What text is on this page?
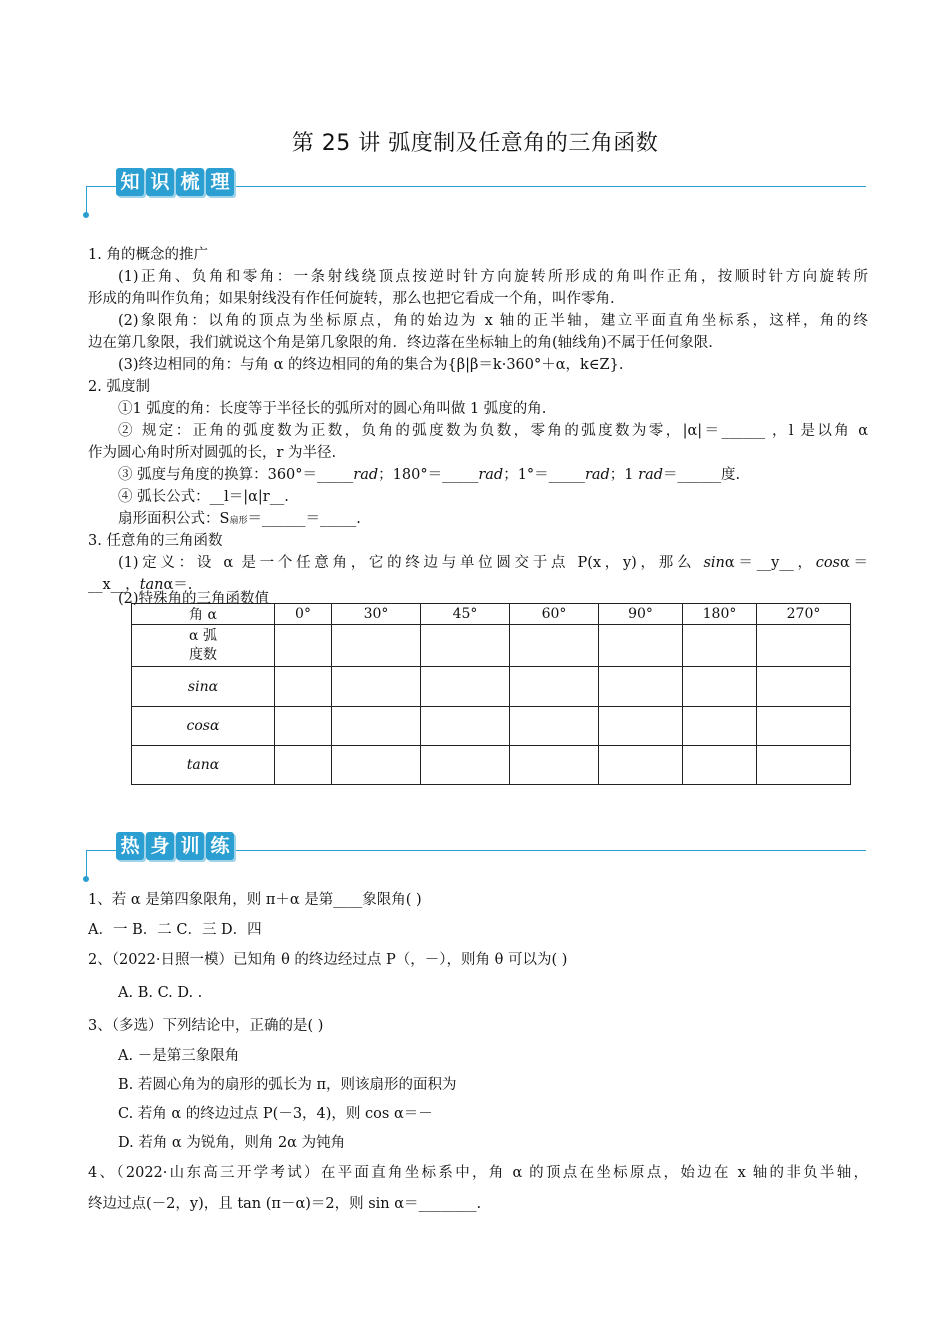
第 25 讲 弧度制及任意角的三角函数
知 识 梳 理
1. 角的概念的推广
(1)正角、负角和零角：一条射线绕顶点按逆时针方向旋转所形成的角叫作正角，按顺时针方向旋转所
形成的角叫作负角；如果射线没有作任何旋转，那么也把它看成一个角，叫作零角.
(2)象限角：以角的顶点为坐标原点，角的始边为 x 轴的正半轴，建立平面直角坐标系，这样，角的终
边在第几象限，我们就说这个角是第几象限的角．终边落在坐标轴上的角(轴线角)不属于任何象限.
(3)终边相同的角：与角 α 的终边相同的角的集合为{β|β＝k·360°＋α，k∈Z}.
2. 弧度制
①1 弧度的角：长度等于半径长的弧所对的圆心角叫做 1 弧度的角.
② 规定：正角的弧度数为正数，负角的弧度数为负数，零角的弧度数为零，|α|＝______ ，l 是以角 α
作为圆心角时所对圆弧的长，r 为半径.
③ 弧度与角度的换算：360°＝_____rad；180°＝_____rad；1°＝_____rad；1 rad＝______度.
④ 弧长公式：__l＝|α|r__.
扇形面积公式：S扇形＝______＝_____.
3. 任意角的三角函数
(1)定义：设 α 是一个任意角，它的终边与单位圆交于点 P(x，y)，那么 sinα＝__y__，cosα＝
__x__，tanα＝.
(2)特殊角的三角函数值
角 α	0°	30°	45°	60°	90°	180°	270°
α 弧
度数							
sinα							
cosα							
tanα							
热 身 训 练
1、若 α 是第四象限角，则 π＋α 是第____象限角( )
A．一 B．二 C．三 D．四
2、（2022·日照一模）已知角 θ 的终边经过点 P（，－），则角 θ 可以为( )
A. B. C. D. .
3、（多选）下列结论中，正确的是( )
A. －是第三象限角
B. 若圆心角为的扇形的弧长为 π，则该扇形的面积为
C. 若角 α 的终边过点 P(－3，4)，则 cos α＝－
D. 若角 α 为锐角，则角 2α 为钝角
4、（2022·山东高三开学考试）在平面直角坐标系中，角 α 的顶点在坐标原点，始边在 x 轴的非负半轴，
终边过点(－2，y)，且 tan (π－α)＝2，则 sin α＝________.
